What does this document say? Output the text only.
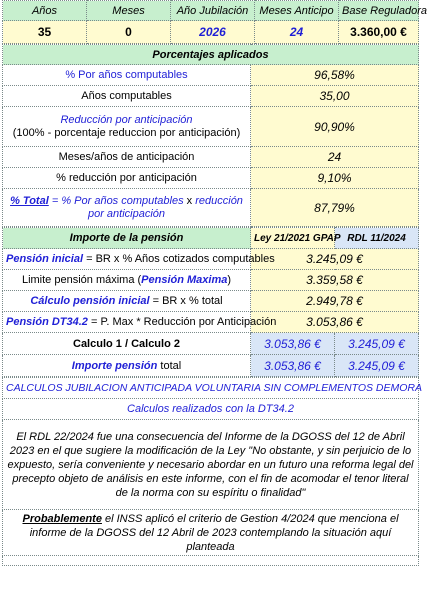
Años	Meses	Año Jubilación	Meses Anticipo	Base Reguladora
35	0	2026	24	3.360,00 €
Porcentajes aplicados	
% Por años computables	96,58%
Años computables	35,00
Reducción por anticipación
(100% - porcentaje reduccion por anticipación)	90,90%
Meses/años de anticipación	24
% reducción por anticipación	9,10%
% Total = % Por años computables x reducción por anticipación	87,79%
Importe de la pensión	Ley 21/2021 GPAP	RDL 11/2024
Pensión inicial = BR x % Años cotizados computables	3.245,09 €	
Limite pensión máxima (Pensión Maxima)	3.359,58 €	
Cálculo pensión inicial = BR x % total	2.949,78 €	
Pensión DT34.2 = P. Max * Reducción por Anticipación	3.053,86 €	
Calculo 1 / Calculo 2	3.053,86 €	3.245,09 €
Importe pensión total	3.053,86 €	3.245,09 €
CALCULOS JUBILACION ANTICIPADA VOLUNTARIA SIN COMPLEMENTOS DEMORA
Calculos realizados con la DT34.2
El RDL 22/2024 fue una consecuencia del Informe de la DGOSS del 12 de Abril 2023 en el que sugiere la modificación de la Ley "No obstante, y sin perjuicio de lo expuesto, sería conveniente y necesario abordar en un futuro una reforma legal del precepto objeto de análisis en este informe, con el fin de acomodar el tenor literal de la norma con su espíritu o finalidad"
Probablemente el INSS aplicó el criterio de Gestion 4/2024 que menciona el informe de la DGOSS del 12 Abril de 2023 contemplando la situación aquí planteada
